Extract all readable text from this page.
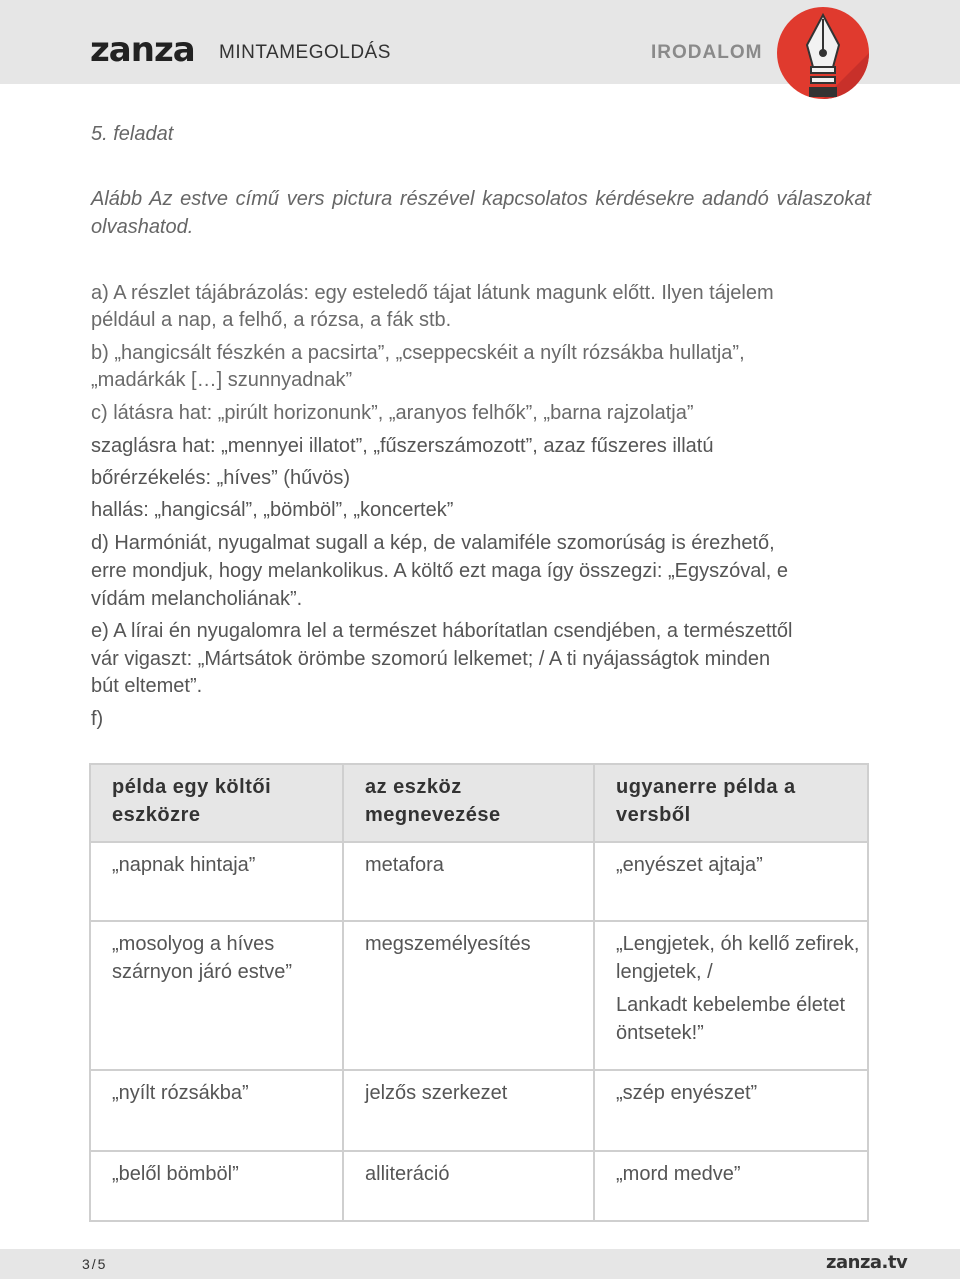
zanza MINTAMEGOLDÁS	IRODALOM
5. feladat
Alább Az estve című vers pictura részével kapcsolatos kérdésekre adandó válaszokat olvashatod.
a) A részlet tájábrázolás: egy esteledő tájat látunk magunk előtt. Ilyen tájelem
például a nap, a felhő, a rózsa, a fák stb.
b) „hangicsált fészkén a pacsirta”, „cseppecskéit a nyílt rózsákba hullatja”,
„madárkák […] szunnyadnak”
c) látásra hat: „pirúlt horizonunk”, „aranyos felhők”, „barna rajzolatja”
szaglásra hat: „mennyei illatot”, „fűszerszámozott”, azaz fűszeres illatú
bőrérzékelés: „híves” (hűvös)
hallás: „hangicsál”, „bömböl”, „koncertek”
d) Harmóniát, nyugalmat sugall a kép, de valamiféle szomorúság is érezhető,
erre mondjuk, hogy melankolikus. A költő ezt maga így összegzi: „Egyszóval, e
vídám melancholiának”.
e) A lírai én nyugalomra lel a természet háborítatlan csendjében, a természettől
vár vigaszt: „Mártsátok örömbe szomorú lelkemet; / A ti nyájasságtok minden
bút eltemet”.
f)
példa egy költői eszközre	az eszköz megnevezése	ugyanerre példa a versből
„napnak hintaja”	metafora	„enyészet ajtaja”

„mosolyog a híves szárnyon járó estve”	megszemélyesítés	„Lengjetek, óh kellő zefirek, lengjetek, /

Lankadt kebelembe életet öntsetek!”

„nyílt rózsákba”	jelzős szerkezet	„szép enyészet”

„belől bömböl”	alliteráció	„mord medve”

3/5	zanza.tv
